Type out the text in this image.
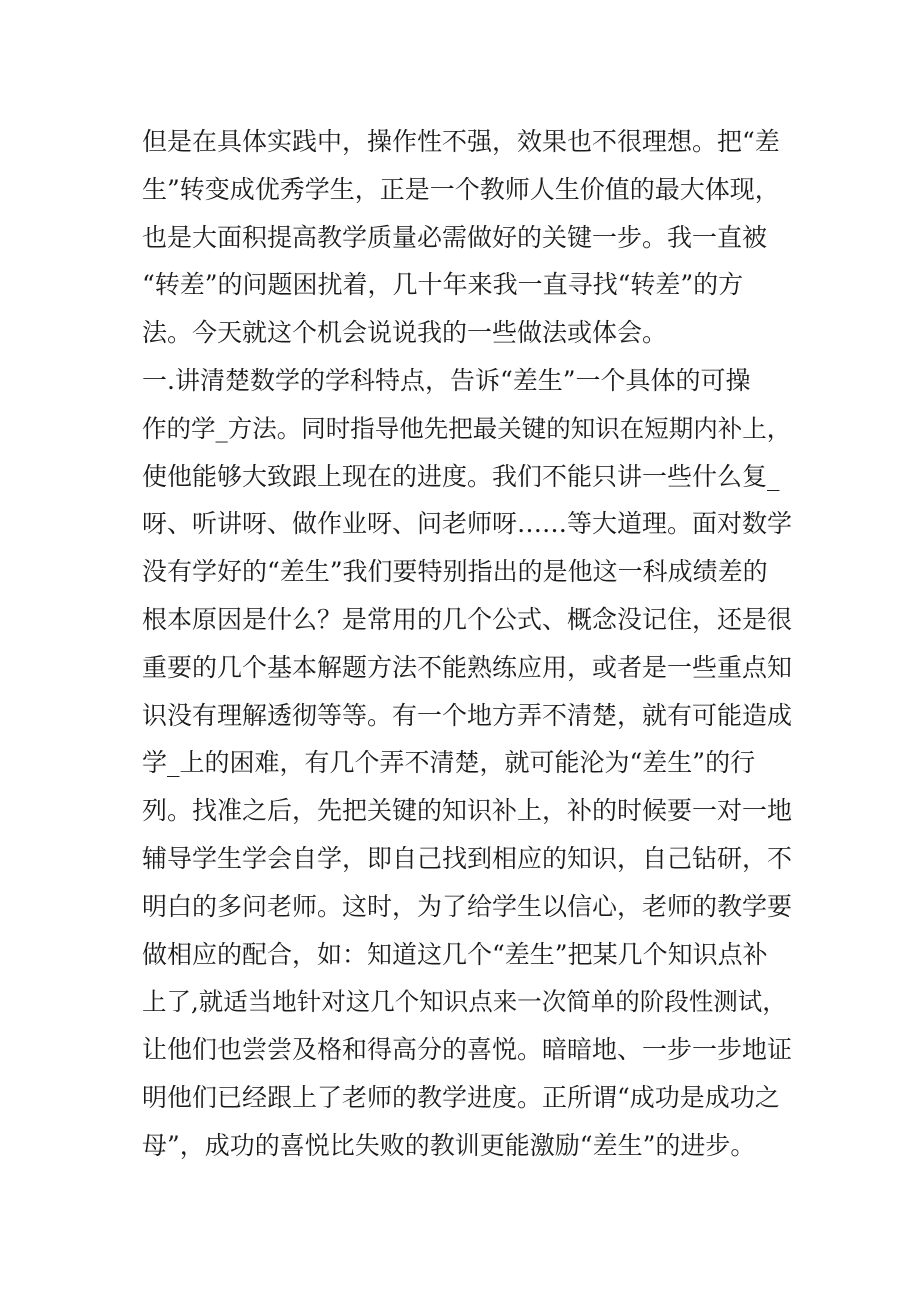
但是在具体实践中，操作性不强，效果也不很理想。把“差
生”转变成优秀学生，正是一个教师人生价值的最大体现，
也是大面积提高教学质量必需做好的关键一步。我一直被
“转差”的问题困扰着，几十年来我一直寻找“转差”的方
法。今天就这个机会说说我的一些做法或体会。
一.讲清楚数学的学科特点，告诉“差生”一个具体的可操
作的学_方法。同时指导他先把最关键的知识在短期内补上，
使他能够大致跟上现在的进度。我们不能只讲一些什么复_
呀、听讲呀、做作业呀、问老师呀……等大道理。面对数学
没有学好的“差生”我们要特别指出的是他这一科成绩差的
根本原因是什么？是常用的几个公式、概念没记住，还是很
重要的几个基本解题方法不能熟练应用，或者是一些重点知
识没有理解透彻等等。有一个地方弄不清楚，就有可能造成
学_上的困难，有几个弄不清楚，就可能沦为“差生”的行
列。找准之后，先把关键的知识补上，补的时候要一对一地
辅导学生学会自学，即自己找到相应的知识，自己钻研，不
明白的多问老师。这时，为了给学生以信心，老师的教学要
做相应的配合，如：知道这几个“差生”把某几个知识点补
上了,就适当地针对这几个知识点来一次简单的阶段性测试，
让他们也尝尝及格和得高分的喜悦。暗暗地、一步一步地证
明他们已经跟上了老师的教学进度。正所谓“成功是成功之
母”，成功的喜悦比失败的教训更能激励“差生”的进步。
